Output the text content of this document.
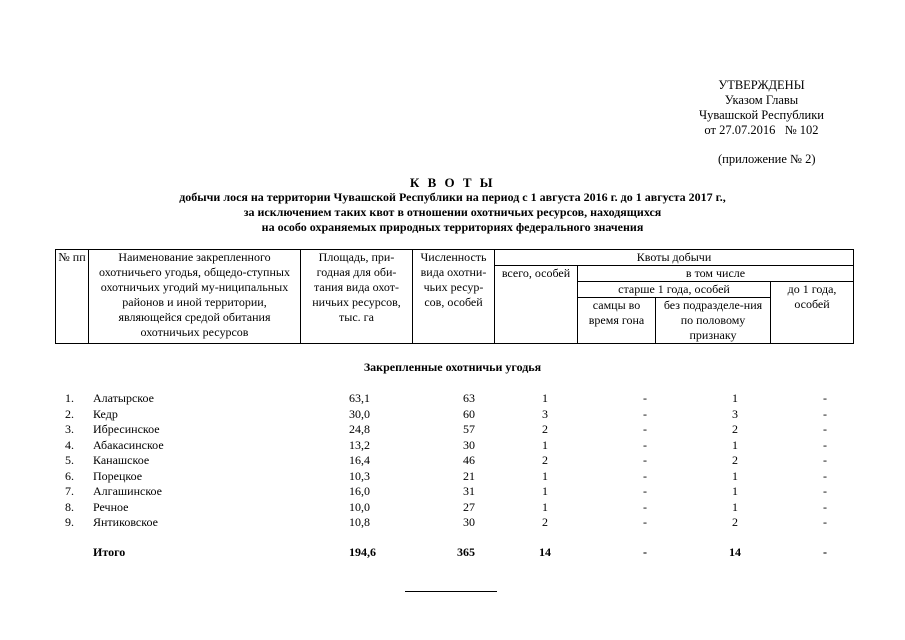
УТВЕРЖДЕНЫ
Указом Главы
Чувашской Республики
от 27.07.2016   № 102
(приложение № 2)
К В О Т Ы
добычи лося на территории Чувашской Республики на период с 1 августа 2016 г. до 1 августа 2017 г.,
за исключением таких квот в отношении охотничьих ресурсов, находящихся
на особо охраняемых природных территориях федерального значения
№ пп	Наименование закрепленного охотничьего угодья, общедо-ступных охотничьих угодий му-ниципальных районов и иной территории, являющейся средой обитания охотничьих ресурсов	Площадь, при-годная для оби-тания вида охот-ничьих ресурсов, тыс. га	Численность вида охотни-чьих ресур-сов, особей	Квоты добычи			
				всего, особей	в том числе		
					старше 1 года, особей		до 1 года, особей
					самцы во время гона	без подразделе-ния по половому признаку	

Закрепленные охотничьи угодья
1. Алатырское	63,1	63	1	-	1	-
2. Кедр	30,0	60	3	-	3	-
3. Ибресинское	24,8	57	2	-	2	-
4. Абакасинское	13,2	30	1	-	1	-
5. Канашское	16,4	46	2	-	2	-
6. Порецкое	10,3	21	1	-	1	-
7. Алгашинское	16,0	31	1	-	1	-
8. Речное	10,0	27	1	-	1	-
9. Янтиковское	10,8	30	2	-	2	-
Итого	194,6	365	14	-	14	-
